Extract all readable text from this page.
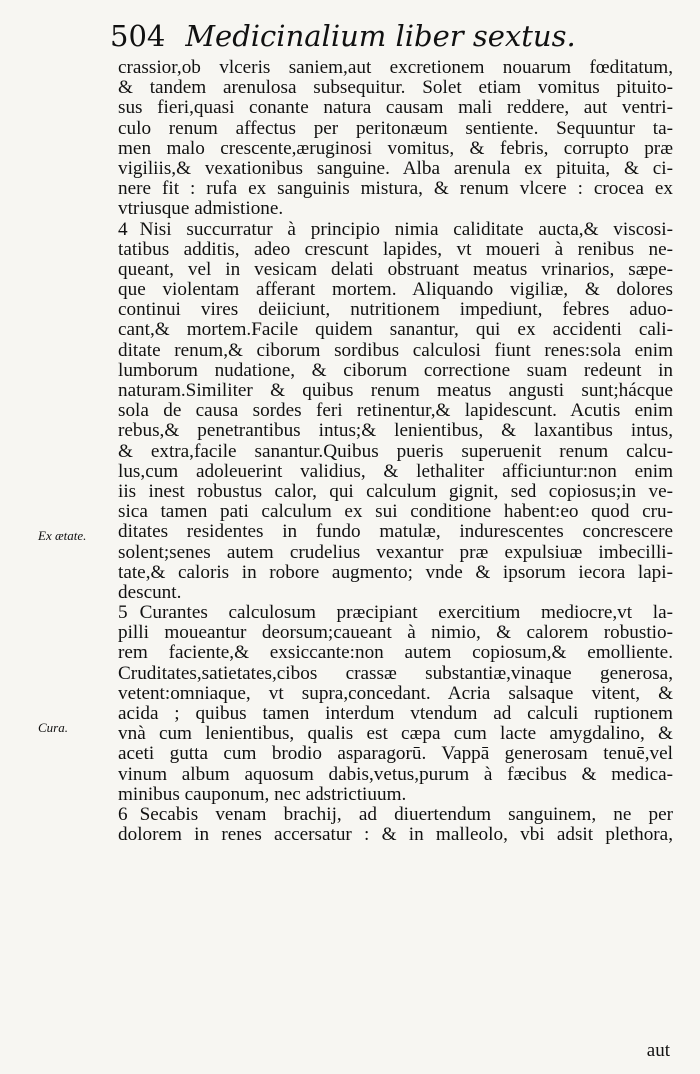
504 Medicinalium liber sextus.
Ex ætate.
Cura.
crassior,ob vlceris saniem,aut excretionem nouarum fœditatum,
& tandem arenulosa subsequitur. Solet etiam vomitus pituito-
sus fieri,quasi conante natura causam mali reddere, aut ventri-
culo renum affectus per peritonæum sentiente. Sequuntur ta-
men malo crescente,æruginosi vomitus, & febris, corrupto præ
vigiliis,& vexationibus sanguine. Alba arenula ex pituita, & ci-
nere fit : rufa ex sanguinis mistura, & renum vlcere : crocea ex
vtriusque admistione.
4 Nisi succurratur à principio nimia caliditate aucta,& viscosi-
tatibus additis, adeo crescunt lapides, vt moueri à renibus ne-
queant, vel in vesicam delati obstruant meatus vrinarios, sæpe-
que violentam afferant mortem. Aliquando vigiliæ, & dolores
continui vires deiiciunt, nutritionem impediunt, febres aduo-
cant,& mortem.Facile quidem sanantur, qui ex accidenti cali-
ditate renum,& ciborum sordibus calculosi fiunt renes:sola enim
lumborum nudatione, & ciborum correctione suam redeunt in
naturam.Similiter & quibus renum meatus angusti sunt;hácque
sola de causa sordes feri retinentur,& lapidescunt. Acutis enim
rebus,& penetrantibus intus;& lenientibus, & laxantibus intus,
& extra,facile sanantur.Quibus pueris superuenit renum calcu-
lus,cum adoleuerint validius, & lethaliter afficiuntur:non enim
iis inest robustus calor, qui calculum gignit, sed copiosus;in ve-
sica tamen pati calculum ex sui conditione habent:eo quod cru-
ditates residentes in fundo matulæ, indurescentes concrescere
solent;senes autem crudelius vexantur præ expulsiuæ imbecilli-
tate,& caloris in robore augmento; vnde & ipsorum iecora lapi-
descunt.
5 Curantes calculosum præcipiant exercitium mediocre,vt la-
pilli moueantur deorsum;caueant à nimio, & calorem robustio-
rem faciente,& exsiccante:non autem copiosum,& emolliente.
Cruditates,satietates,cibos crassæ substantiæ,vinaque generosa,
vetent:omniaque, vt supra,concedant. Acria salsaque vitent, &
acida ; quibus tamen interdum vtendum ad calculi ruptionem
vnà cum lenientibus, qualis est cæpa cum lacte amygdalino, &
aceti gutta cum brodio asparagorū. Vappā generosam tenuē,vel
vinum album aquosum dabis,vetus,purum à fæcibus & medica-
minibus cauponum, nec adstrictiuum.
6 Secabis venam brachij, ad diuertendum sanguinem, ne per
dolorem in renes accersatur : & in malleolo, vbi adsit plethora,
aut
